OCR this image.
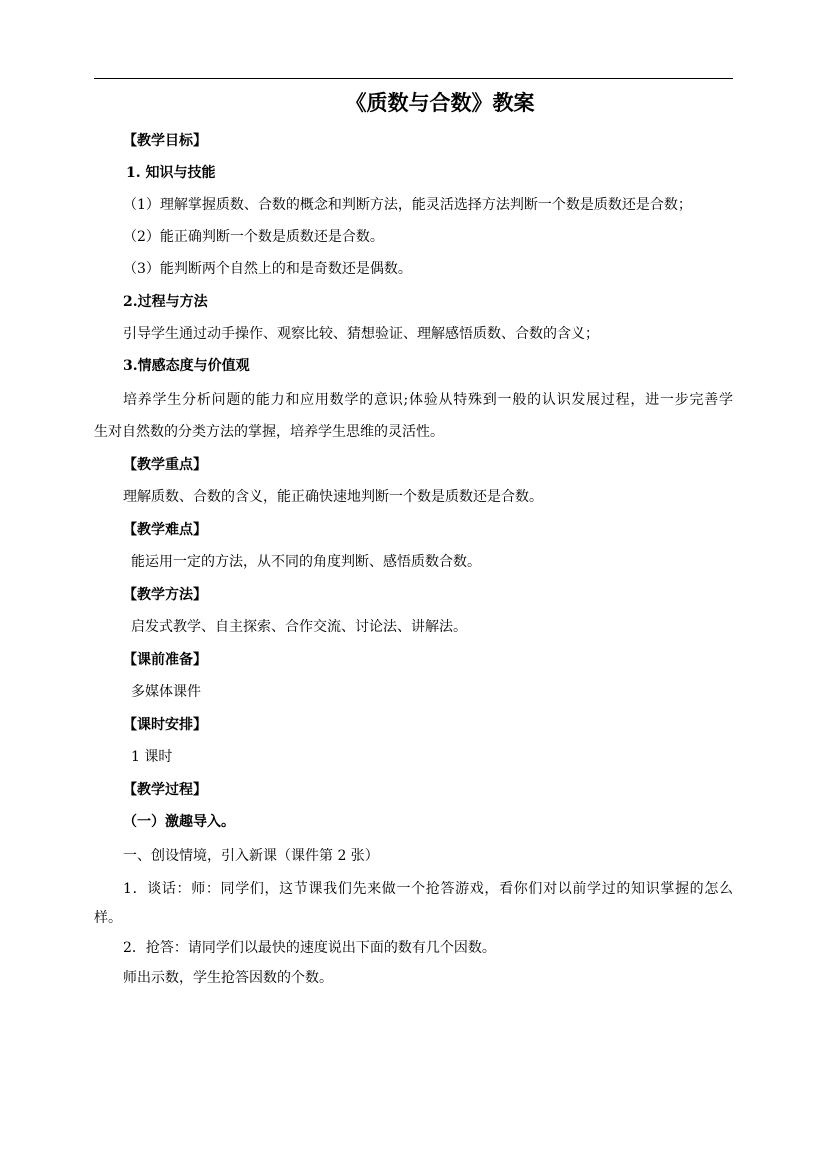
《质数与合数》教案
【教学目标】
1. 知识与技能
（1）理解掌握质数、合数的概念和判断方法，能灵活选择方法判断一个数是质数还是合数；
（2）能正确判断一个数是质数还是合数。
（3）能判断两个自然上的和是奇数还是偶数。
2.过程与方法
引导学生通过动手操作、观察比较、猜想验证、理解感悟质数、合数的含义；
3.情感态度与价值观
培养学生分析问题的能力和应用数学的意识;体验从特殊到一般的认识发展过程，进一步完善学
生对自然数的分类方法的掌握，培养学生思维的灵活性。
【教学重点】
理解质数、合数的含义，能正确快速地判断一个数是质数还是合数。
【教学难点】
能运用一定的方法，从不同的角度判断、感悟质数合数。
【教学方法】
启发式教学、自主探索、合作交流、讨论法、讲解法。
【课前准备】
多媒体课件
【课时安排】
1 课时
【教学过程】
（一）激趣导入。
一、创设情境，引入新课（课件第 2 张）
1．谈话：师：同学们，这节课我们先来做一个抢答游戏，看你们对以前学过的知识掌握的怎么
样。
2．抢答：请同学们以最快的速度说出下面的数有几个因数。
师出示数，学生抢答因数的个数。
